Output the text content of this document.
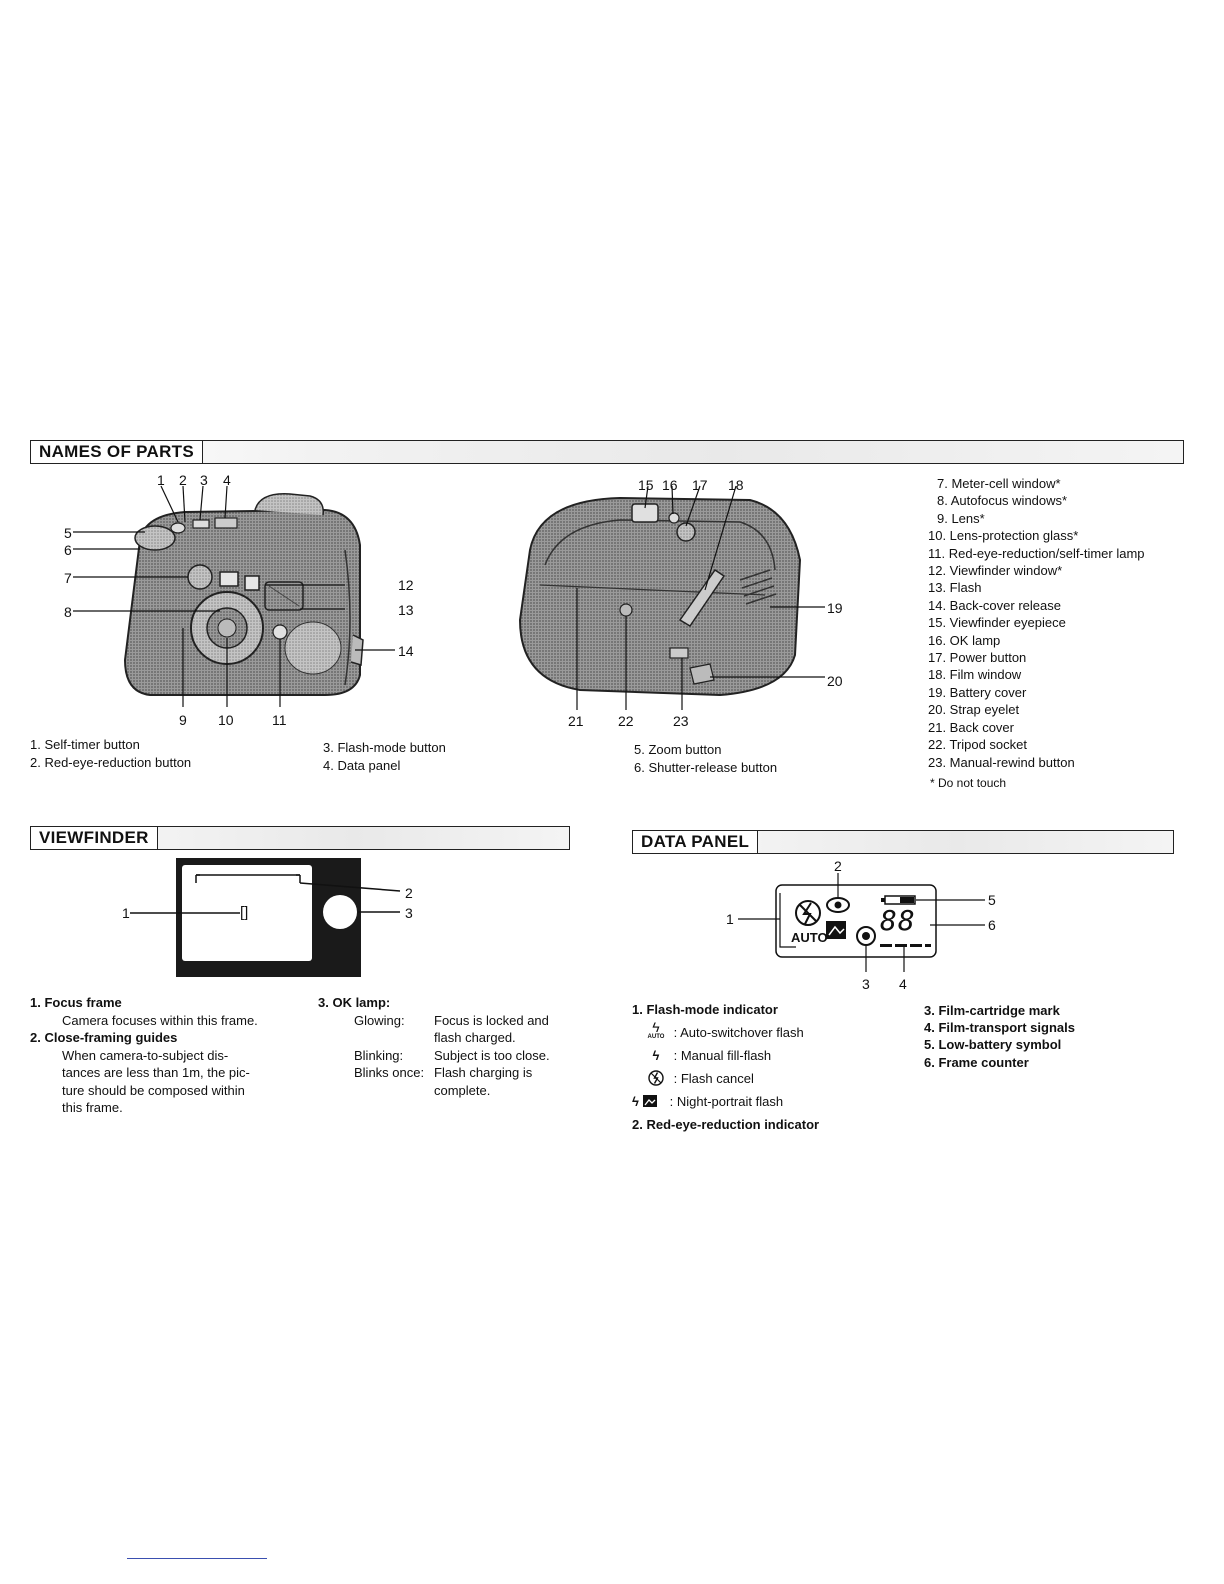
NAMES OF PARTS
1 2 3 4
5
6
7
8
12
13
14
9 10	11
15 16 17 18
19
20
21 22	23
1. Self-timer button
2. Red-eye-reduction button
3. Flash-mode button
4. Data panel
5. Zoom button
6. Shutter-release button
7. Meter-cell window*
8. Autofocus windows*
9. Lens*
10. Lens-protection glass*
11. Red-eye-reduction/self-timer lamp
12. Viewfinder window*
13. Flash
14. Back-cover release
15. Viewfinder eyepiece
16. OK lamp
17. Power button
18. Film window
19. Battery cover
20. Strap eyelet
21. Back cover
22. Tripod socket
23. Manual-rewind button
* Do not touch
VIEWFINDER
1
2
3
[]
1. Focus frame
Camera focuses within this frame.
2. Close-framing guides
When camera-to-subject dis-
tances are less than 1m, the pic-
ture should be composed within
this frame.
3. OK lamp:
Glowing:	Focus is locked and
flash charged.
Blinking:	Subject is too close.
Blinks once: Flash charging is
complete.
DATA PANEL
AUTO
88
1
2
3 4
5
6
1. Flash-mode indicator
ϟ
AUTO : Auto-switchover flash
ϟ : Manual fill-flash
: Flash cancel
ϟ : Night-portrait flash
2. Red-eye-reduction indicator
3. Film-cartridge mark
4. Film-transport signals
5. Low-battery symbol
6. Frame counter
